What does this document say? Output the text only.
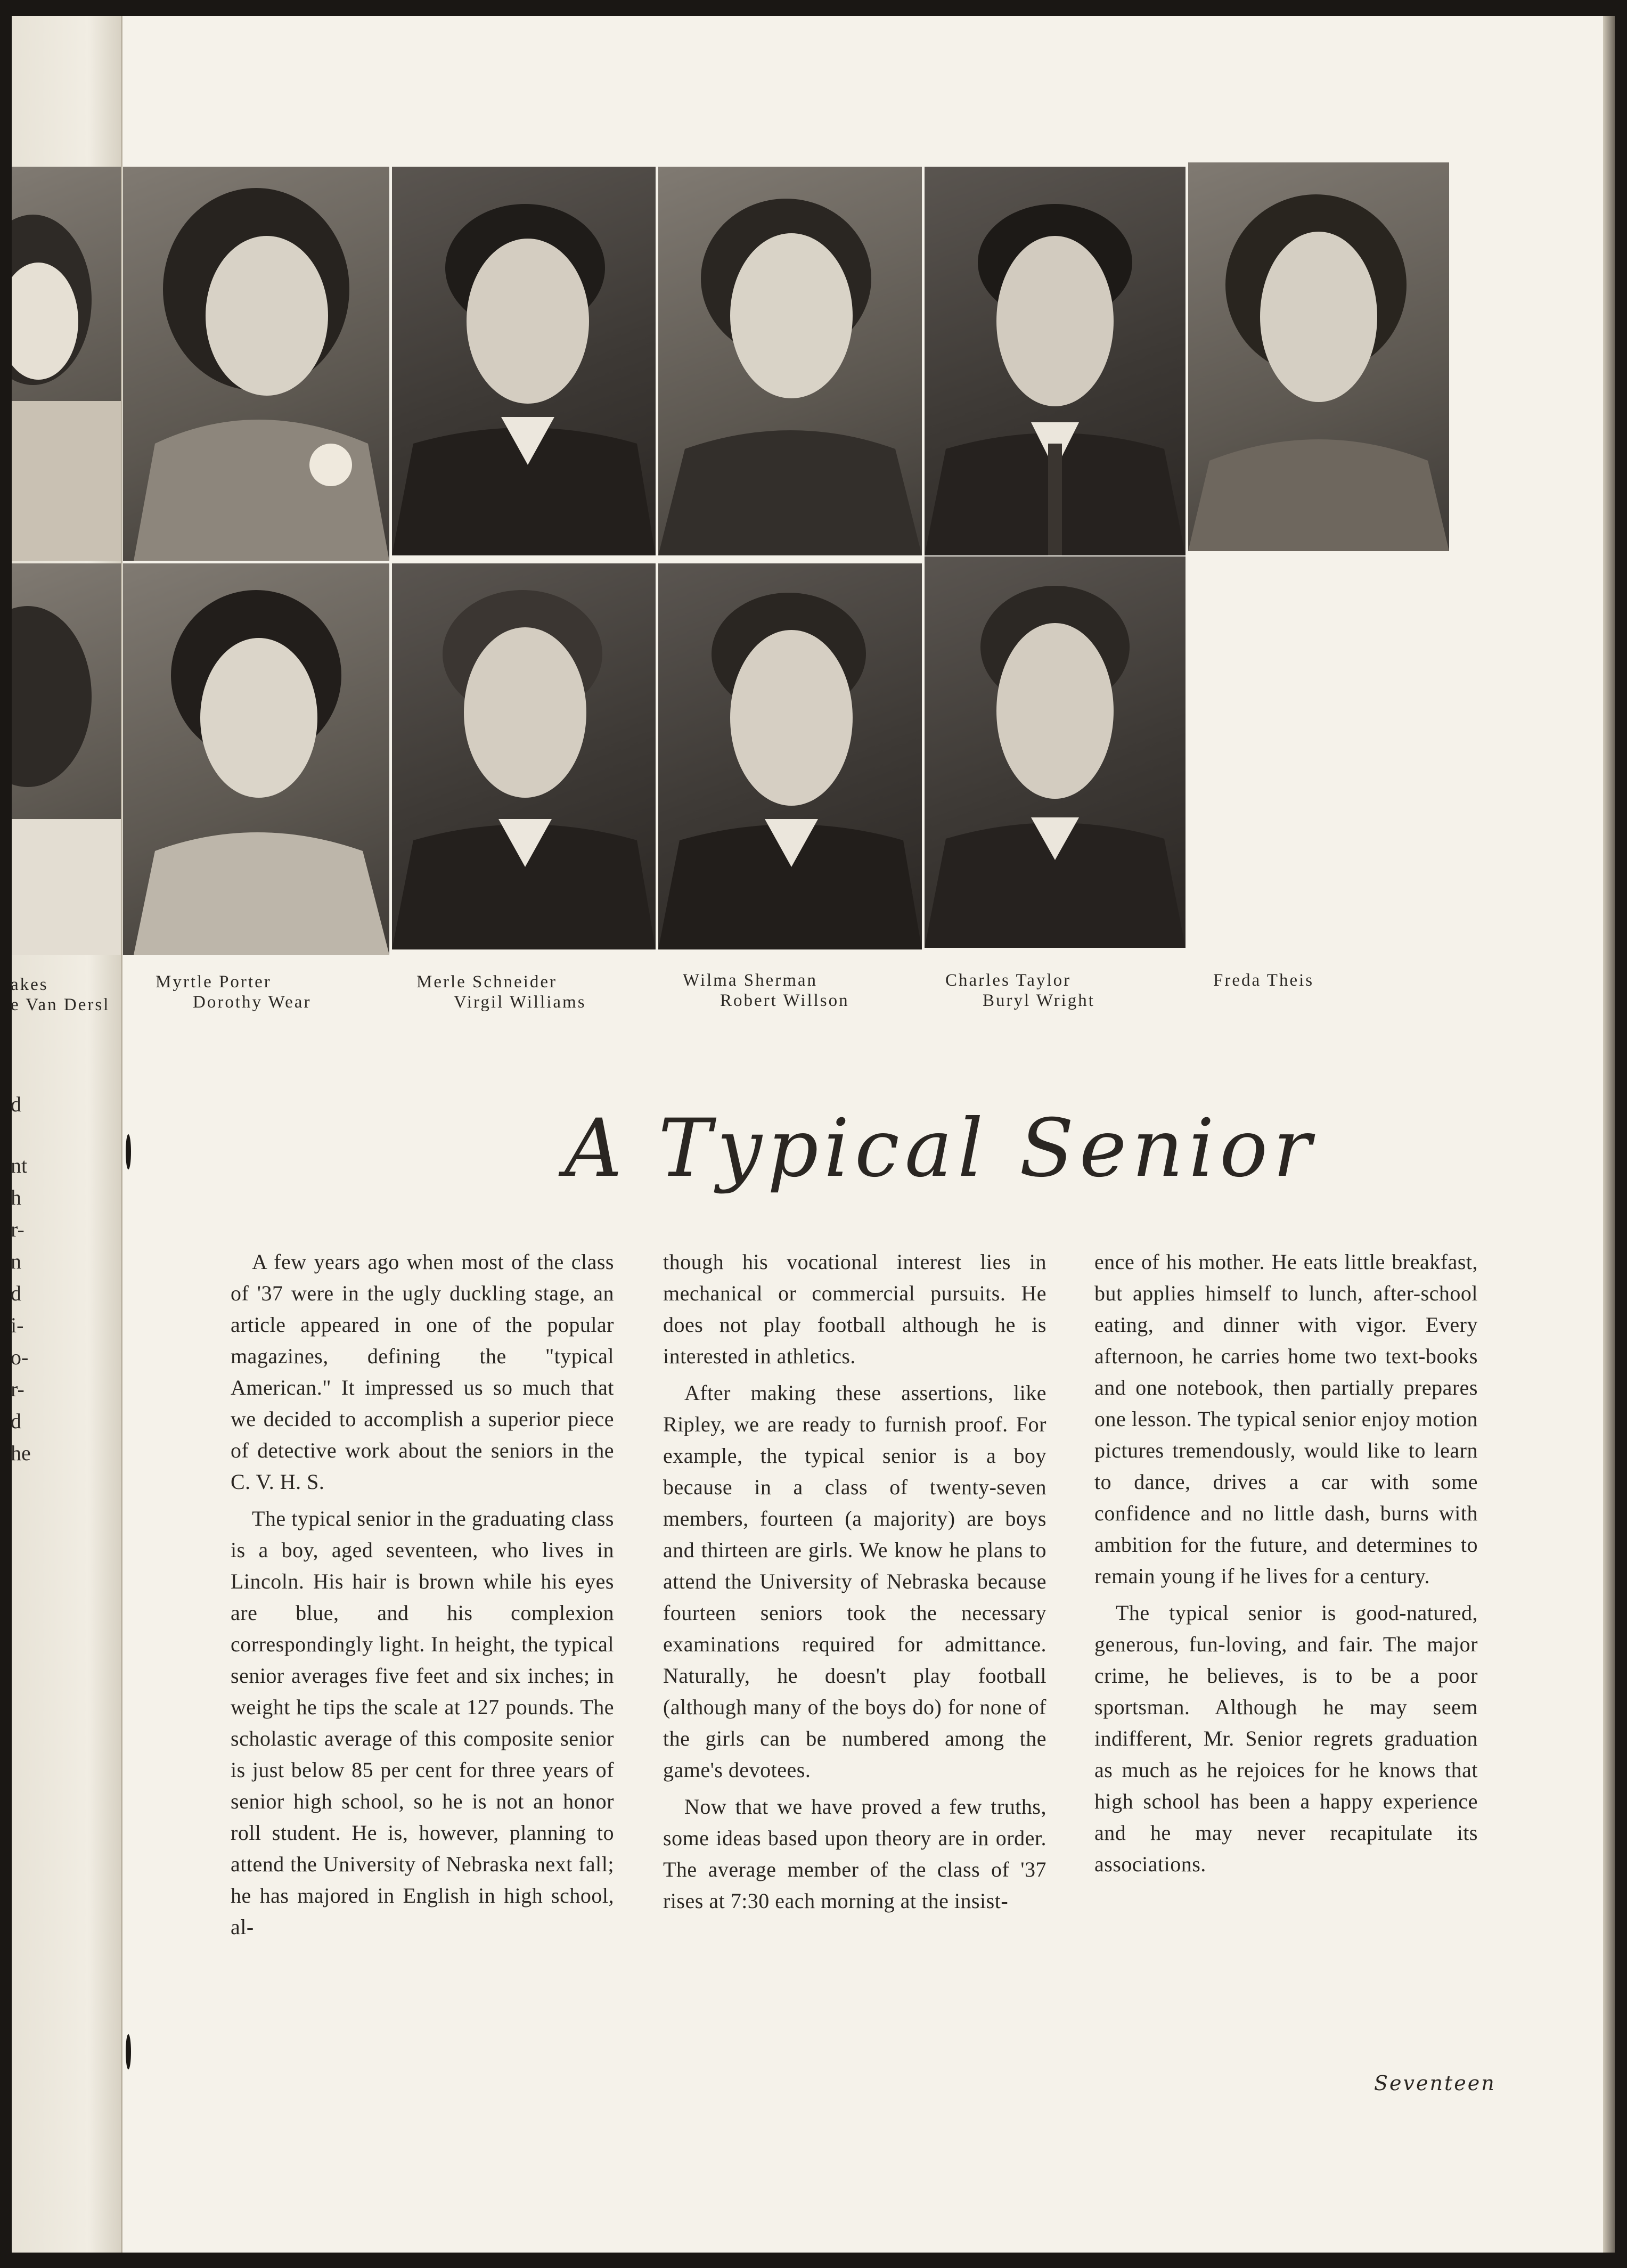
akes
e Van Dersl
Myrtle Porter
Dorothy Wear
Merle Schneider
Virgil Williams
Wilma Sherman
Robert Willson
Charles Taylor
Buryl Wright
Freda Theis
d
nt
h
r-
n
d
i-
o-
r-
d
he
A Typical Senior

A few years ago when most of the class of '37 were in the ugly duckling stage, an article appeared in one of the popular magazines, defining the "typical American." It impressed us so much that we decided to accomplish a superior piece of detective work about the seniors in the C. V. H. S.

The typical senior in the graduating class is a boy, aged seventeen, who lives in Lincoln. His hair is brown while his eyes are blue, and his complexion correspondingly light. In height, the typical senior averages five feet and six inches; in weight he tips the scale at 127 pounds. The scholastic average of this composite senior is just below 85 per cent for three years of senior high school, so he is not an honor roll student. He is, however, planning to attend the University of Nebraska next fall; he has majored in English in high school, al-

though his vocational interest lies in mechanical or commercial pursuits. He does not play football although he is interested in athletics.

After making these assertions, like Ripley, we are ready to furnish proof. For example, the typical senior is a boy because in a class of twenty-seven members, fourteen (a majority) are boys and thirteen are girls. We know he plans to attend the University of Nebraska because fourteen seniors took the necessary examinations required for admittance. Naturally, he doesn't play football (although many of the boys do) for none of the girls can be numbered among the game's devotees.

Now that we have proved a few truths, some ideas based upon theory are in order. The average member of the class of '37 rises at 7:30 each morning at the insist-

ence of his mother. He eats little breakfast, but applies himself to lunch, after-school eating, and dinner with vigor. Every afternoon, he carries home two text-books and one notebook, then partially prepares one lesson. The typical senior enjoy motion pictures tremendously, would like to learn to dance, drives a car with some confidence and no little dash, burns with ambition for the future, and determines to remain young if he lives for a century.

The typical senior is good-natured, generous, fun-loving, and fair. The major crime, he believes, is to be a poor sportsman. Although he may seem indifferent, Mr. Senior regrets graduation as much as he rejoices for he knows that high school has been a happy experience and he may never recapitulate its associations.

Seventeen
